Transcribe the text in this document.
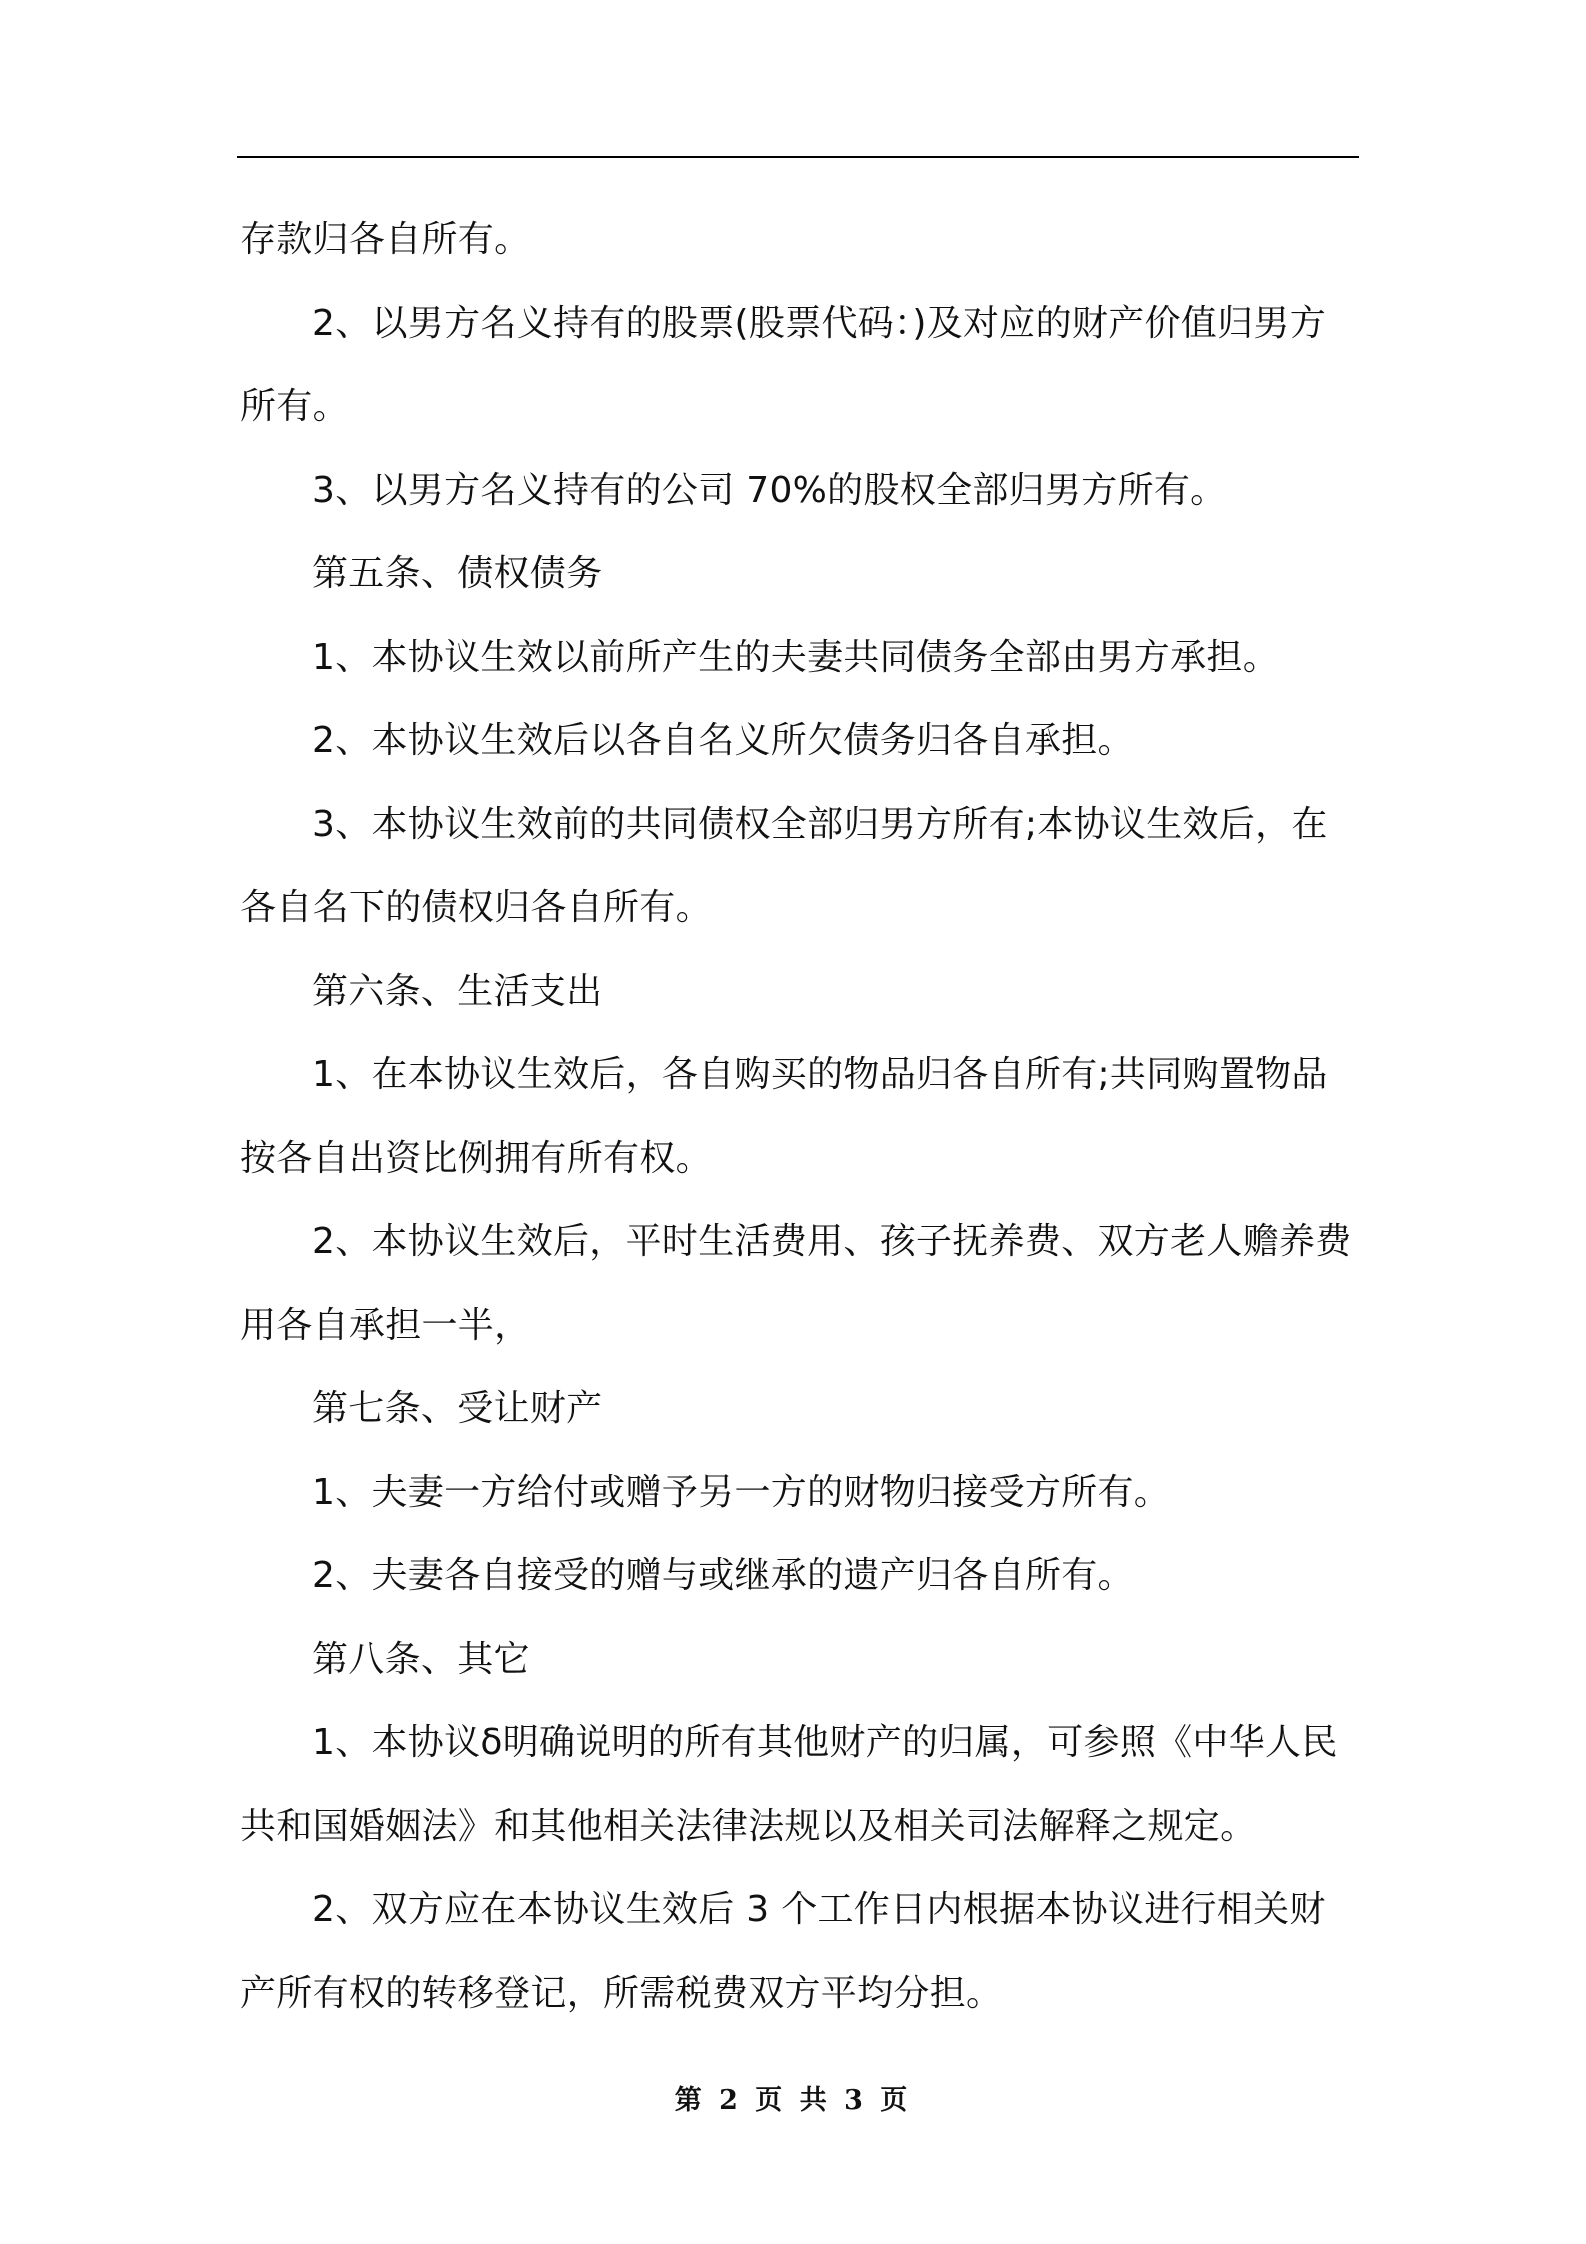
存款归各自所有。

2、以男方名义持有的股票(股票代码：)及对应的财产价值归男方所有。

3、以男方名义持有的公司 70%的股权全部归男方所有。

第五条、债权债务

1、本协议生效以前所产生的夫妻共同债务全部由男方承担。

2、本协议生效后以各自名义所欠债务归各自承担。

3、本协议生效前的共同债权全部归男方所有;本协议生效后，在各自名下的债权归各自所有。

第六条、生活支出

1、在本协议生效后，各自购买的物品归各自所有;共同购置物品按各自出资比例拥有所有权。

2、本协议生效后，平时生活费用、孩子抚养费、双方老人赡养费用各自承担一半，

第七条、受让财产

1、夫妻一方给付或赠予另一方的财物归接受方所有。

2、夫妻各自接受的赠与或继承的遗产归各自所有。

第八条、其它

1、本协议δ明确说明的所有其他财产的归属，可参照《中华人民共和国婚姻法》和其他相关法律法规以及相关司法解释之规定。

2、双方应在本协议生效后 3 个工作日内根据本协议进行相关财产所有权的转移登记，所需税费双方平均分担。

第 2 页 共 3 页
